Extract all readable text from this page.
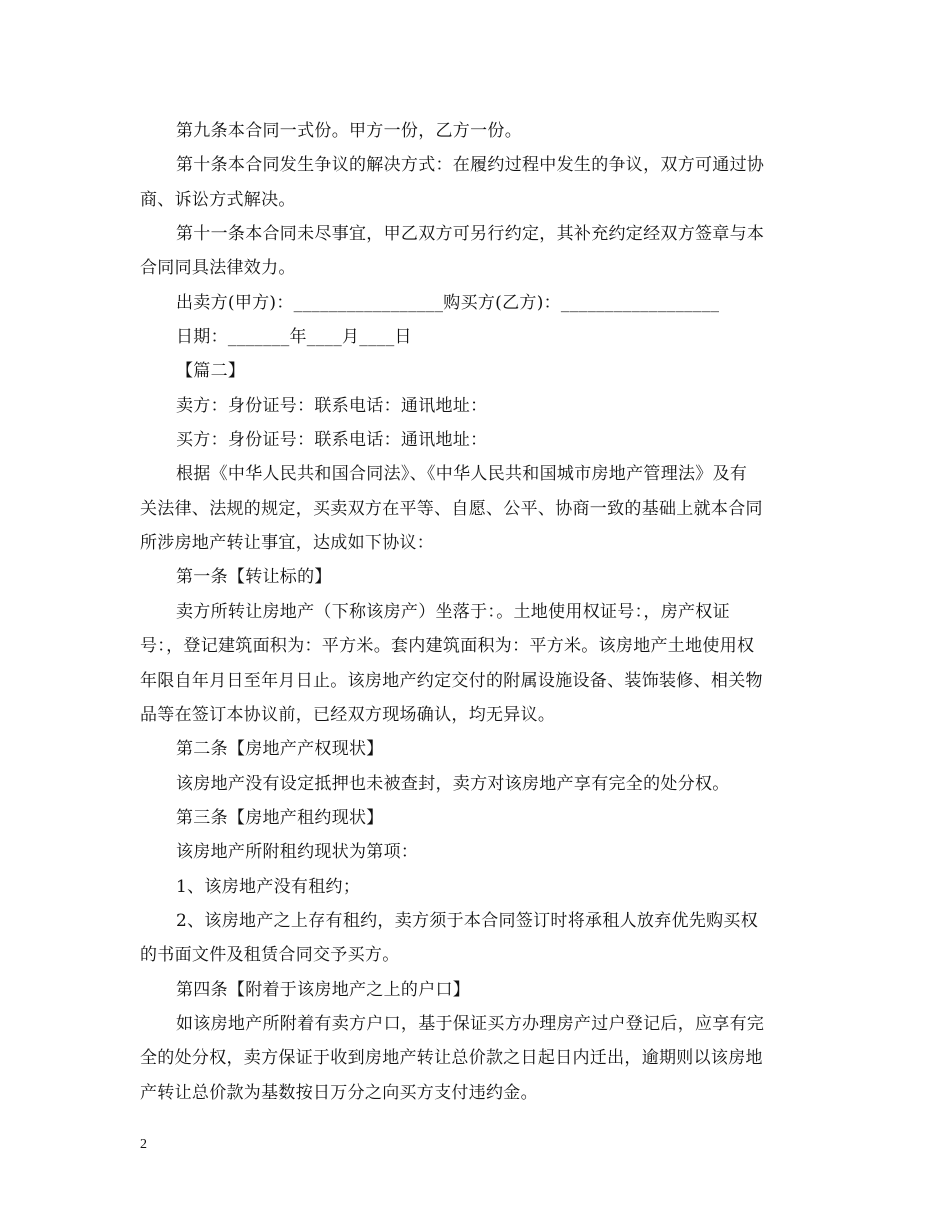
第九条本合同一式份。甲方一份，乙方一份。
第十条本合同发生争议的解决方式：在履约过程中发生的争议，双方可通过协
商、诉讼方式解决。
第十一条本合同未尽事宜，甲乙双方可另行约定，其补充约定经双方签章与本
合同同具法律效力。
出卖方(甲方)：_________________购买方(乙方)：__________________
日期：_______年____月____日
【篇二】
卖方：身份证号：联系电话：通讯地址：
买方：身份证号：联系电话：通讯地址：
根据《中华人民共和国合同法》、《中华人民共和国城市房地产管理法》及有
关法律、法规的规定，买卖双方在平等、自愿、公平、协商一致的基础上就本合同
所涉房地产转让事宜，达成如下协议：
第一条【转让标的】
卖方所转让房地产（下称该房产）坐落于：。土地使用权证号：，房产权证
号：，登记建筑面积为：平方米。套内建筑面积为：平方米。该房地产土地使用权
年限自年月日至年月日止。该房地产约定交付的附属设施设备、装饰装修、相关物
品等在签订本协议前，已经双方现场确认，均无异议。
第二条【房地产产权现状】
该房地产没有设定抵押也未被查封，卖方对该房地产享有完全的处分权。
第三条【房地产租约现状】
该房地产所附租约现状为第项：
1、该房地产没有租约；
2、该房地产之上存有租约，卖方须于本合同签订时将承租人放弃优先购买权
的书面文件及租赁合同交予买方。
第四条【附着于该房地产之上的户口】
如该房地产所附着有卖方户口，基于保证买方办理房产过户登记后，应享有完
全的处分权，卖方保证于收到房地产转让总价款之日起日内迁出，逾期则以该房地
产转让总价款为基数按日万分之向买方支付违约金。
2
